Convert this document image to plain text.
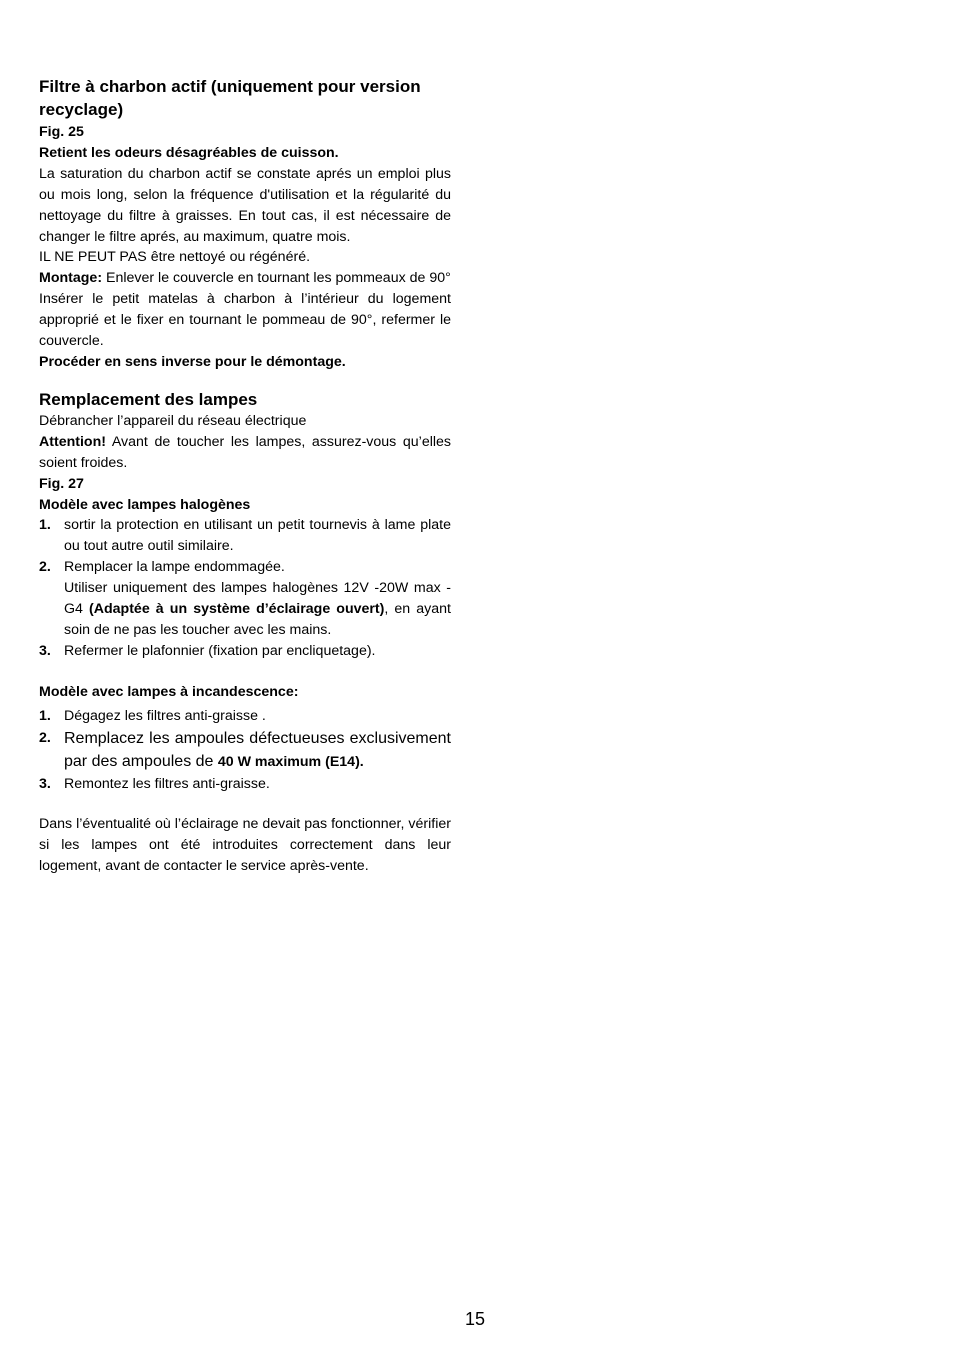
Filtre à charbon actif (uniquement pour version recyclage)

Fig. 25

Retient les odeurs désagréables de cuisson.

La saturation du charbon actif se constate aprés un emploi plus ou mois long, selon la fréquence d'utilisation et la régularité du nettoyage du filtre à graisses. En tout cas, il est nécessaire de changer le filtre aprés, au maximum, quatre mois.

IL NE PEUT PAS être nettoyé ou régénéré.

Montage: Enlever le couvercle en tournant les pommeaux de 90°

Insérer le petit matelas à charbon à l’intérieur du logement approprié et le fixer en tournant le pommeau de 90°, refermer le couvercle.

Procéder en sens inverse pour le démontage.

Remplacement des lampes

Débrancher l’appareil du réseau électrique

Attention! Avant de toucher les lampes, assurez-vous qu’elles soient froides.

Fig. 27

Modèle avec lampes halogènes

1. sortir la protection en utilisant un petit tournevis à lame plate ou tout autre outil similaire.
2. Remplacer la lampe endommagée.
Utiliser uniquement des lampes halogènes 12V -20W max - G4 (Adaptée à un système d’éclairage ouvert), en ayant soin de ne pas les toucher avec les mains.
3. Refermer le plafonnier (fixation par encliquetage).

Modèle avec lampes à incandescence:

1. Dégagez les filtres anti-graisse .
2. Remplacez les ampoules défectueuses exclusivement par des ampoules de 40 W maximum (E14).
3. Remontez les filtres anti-graisse.

Dans l’éventualité où l’éclairage ne devait pas fonctionner, vérifier si les lampes ont été introduites correctement dans leur logement, avant de contacter le service après-vente.

15
